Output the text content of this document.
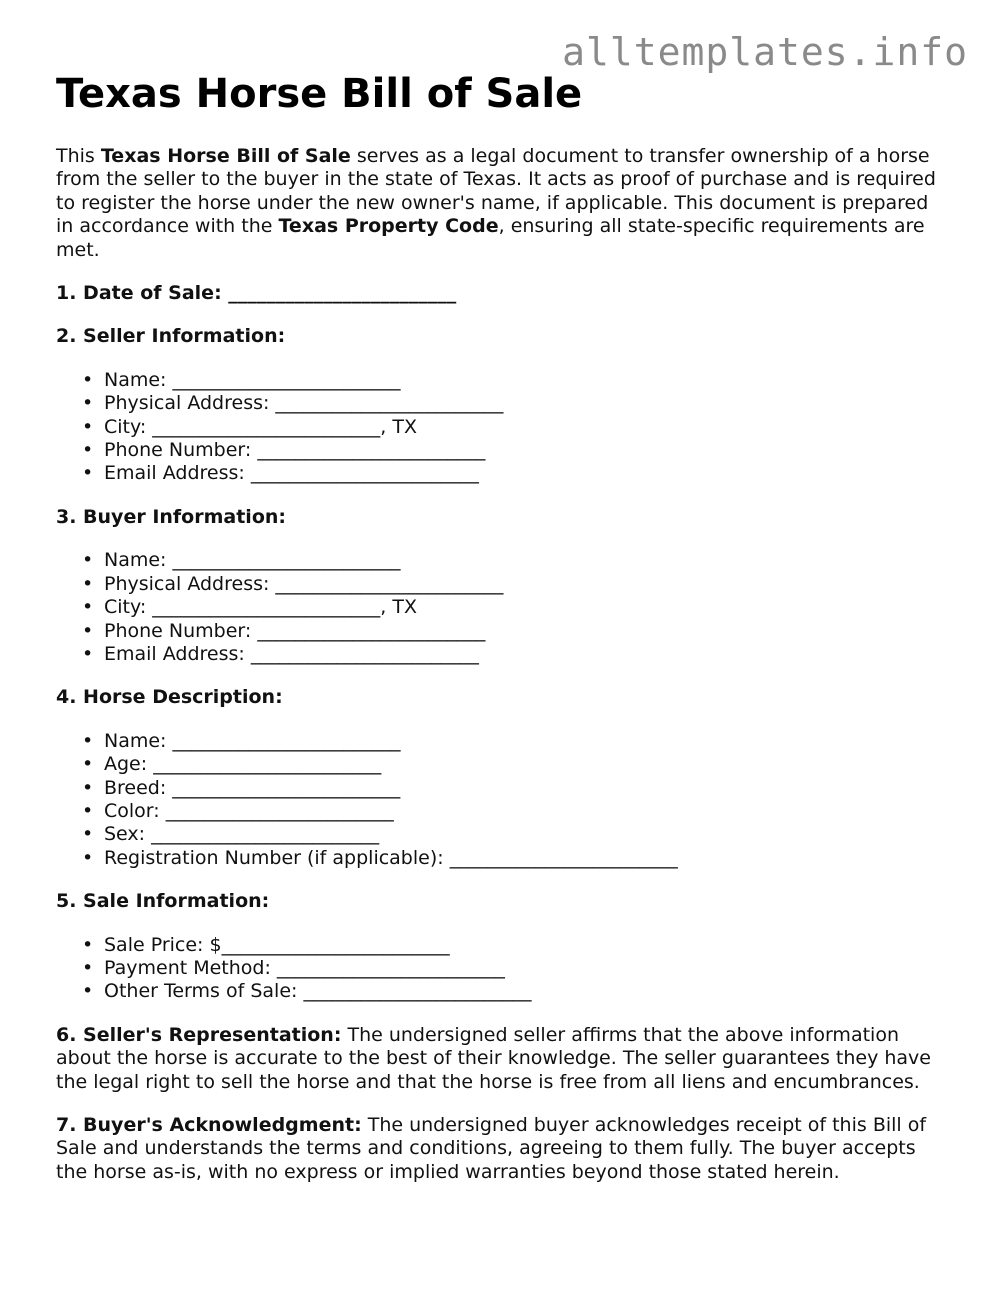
alltemplates.info
Texas Horse Bill of Sale

This Texas Horse Bill of Sale serves as a legal document to transfer ownership of a horse from the seller to the buyer in the state of Texas. It acts as proof of purchase and is required to register the horse under the new owner's name, if applicable. This document is prepared in accordance with the Texas Property Code, ensuring all state-specific requirements are met.

1. Date of Sale: ________________________

2. Seller Information:

• Name: ________________________
• Physical Address: ________________________
• City: ________________________, TX
• Phone Number: ________________________
• Email Address: ________________________

3. Buyer Information:

• Name: ________________________
• Physical Address: ________________________
• City: ________________________, TX
• Phone Number: ________________________
• Email Address: ________________________

4. Horse Description:

• Name: ________________________
• Age: ________________________
• Breed: ________________________
• Color: ________________________
• Sex: ________________________
• Registration Number (if applicable): ________________________

5. Sale Information:

• Sale Price: $________________________
• Payment Method: ________________________
• Other Terms of Sale: ________________________

6. Seller's Representation: The undersigned seller affirms that the above information about the horse is accurate to the best of their knowledge. The seller guarantees they have the legal right to sell the horse and that the horse is free from all liens and encumbrances.

7. Buyer's Acknowledgment: The undersigned buyer acknowledges receipt of this Bill of Sale and understands the terms and conditions, agreeing to them fully. The buyer accepts the horse as-is, with no express or implied warranties beyond those stated herein.
